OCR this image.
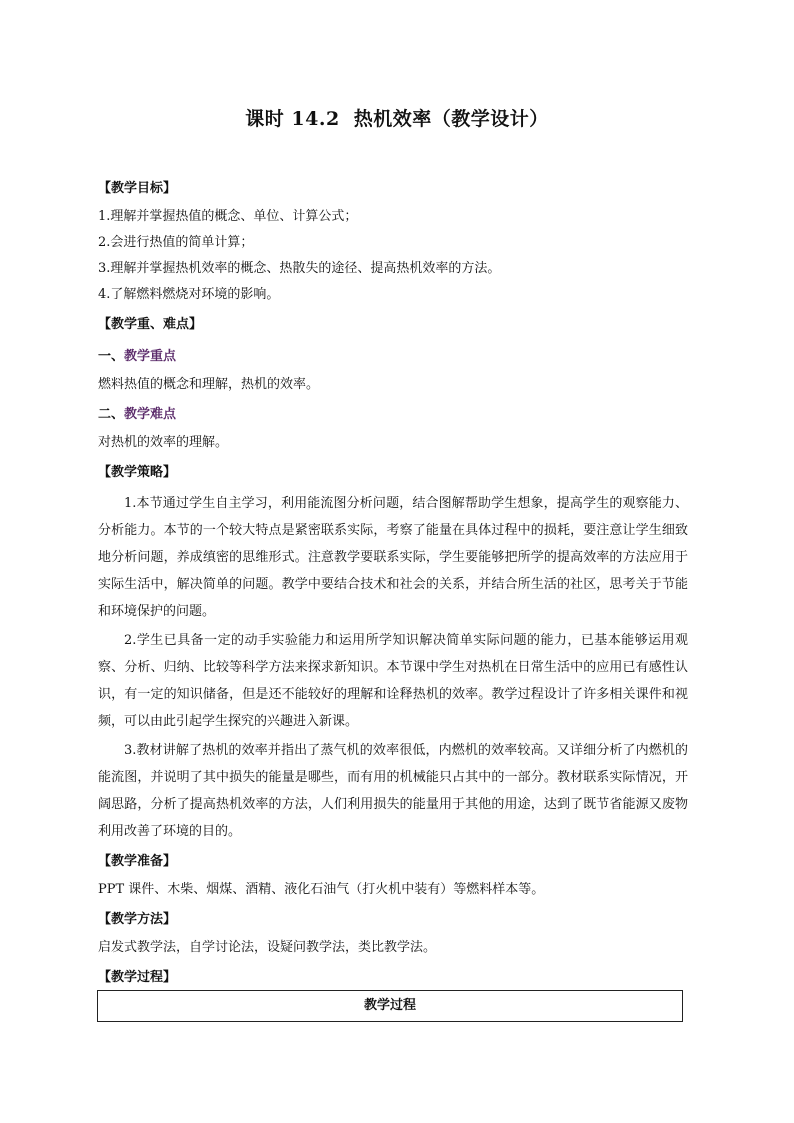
课时 14.2 热机效率（教学设计）
【教学目标】

1.理解并掌握热值的概念、单位、计算公式；

2.会进行热值的简单计算；

3.理解并掌握热机效率的概念、热散失的途径、提高热机效率的方法。

4.了解燃料燃烧对环境的影响。

【教学重、难点】
一、教学重点

燃料热值的概念和理解，热机的效率。

二、教学难点

对热机的效率的理解。

【教学策略】

1.本节通过学生自主学习，利用能流图分析问题，结合图解帮助学生想象，提高学生的观察能力、分析能力。本节的一个较大特点是紧密联系实际，考察了能量在具体过程中的损耗，要注意让学生细致地分析问题，养成缜密的思维形式。注意教学要联系实际，学生要能够把所学的提高效率的方法应用于实际生活中，解决简单的问题。教学中要结合技术和社会的关系，并结合所生活的社区，思考关于节能和环境保护的问题。

2.学生已具备一定的动手实验能力和运用所学知识解决简单实际问题的能力，已基本能够运用观察、分析、归纳、比较等科学方法来探求新知识。本节课中学生对热机在日常生活中的应用已有感性认识，有一定的知识储备，但是还不能较好的理解和诠释热机的效率。教学过程设计了许多相关课件和视频，可以由此引起学生探究的兴趣进入新课。

3.教材讲解了热机的效率并指出了蒸气机的效率很低，内燃机的效率较高。又详细分析了内燃机的能流图，并说明了其中损失的能量是哪些，而有用的机械能只占其中的一部分。教材联系实际情况，开阔思路，分析了提高热机效率的方法，人们利用损失的能量用于其他的用途，达到了既节省能源又废物利用改善了环境的目的。

【教学准备】

PPT 课件、木柴、烟煤、酒精、液化石油气（打火机中装有）等燃料样本等。

【教学方法】

启发式教学法，自学讨论法，设疑问教学法，类比教学法。

【教学过程】
教学过程
